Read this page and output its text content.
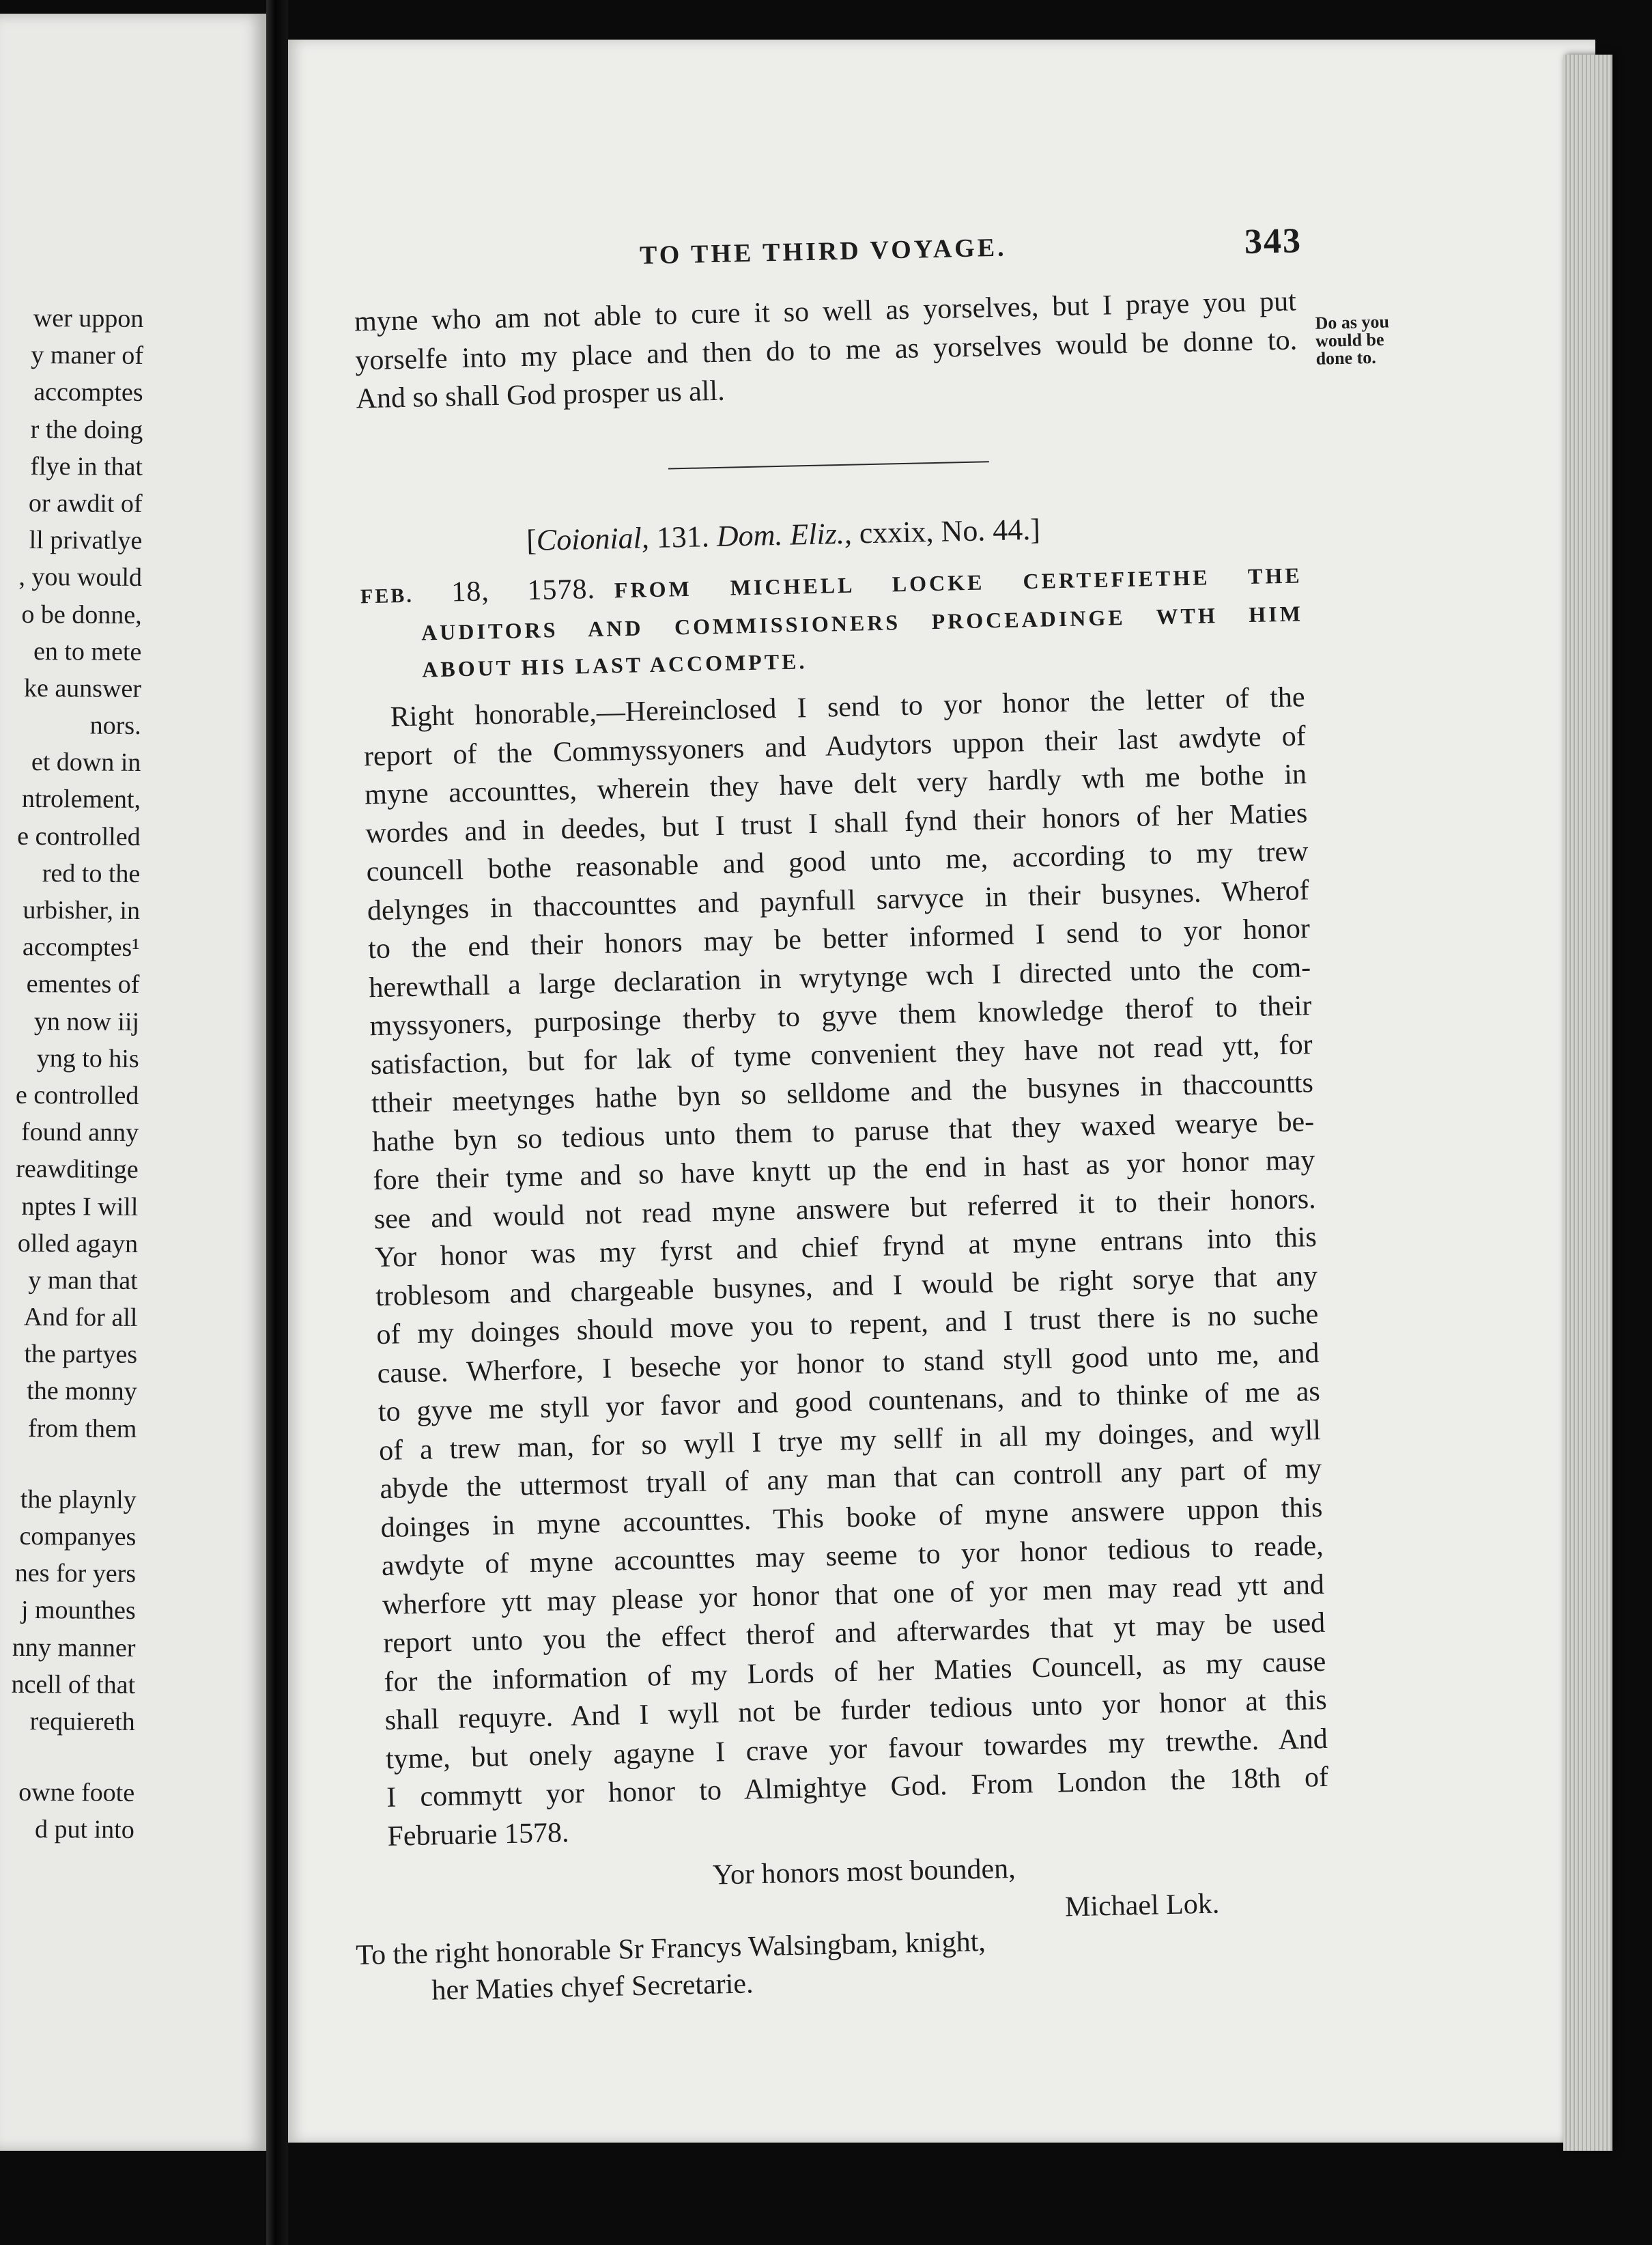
wer uppon
y maner of
accomptes
r the doing
flye in that
or awdit of
ll privatlye
, you would
o be donne,
en to mete
ke aunswer
nors.
et down in
ntrolement,
e controlled
red to the
urbisher, in
accomptes¹
ementes of
yn now iij
yng to his
e controlled
found anny
reawditinge
nptes I will
olled agayn
y man that
And for all
the partyes
the monny
from them
the playnly
companyes
nes for yers
j mounthes
nny manner
ncell of that
requiereth
owne foote
d put into
TO THE THIRD VOYAGE.	343
myne who am not able to cure it so well as yorselves, but I praye you put
yorselfe into my place and then do to me as yorselves would be donne to.
And so shall God prosper us all.
Do as you
would be
done to.
[Coionial, 131. Dom. Eliz., cxxix, No. 44.]
FEB. 18, 1578. FROM MICHELL LOCKE CERTEFIETHE THE
AUDITORS AND COMMISSIONERS PROCEADINGE WTH HIM
ABOUT HIS LAST ACCOMPTE.
Right honorable,—Hereinclosed I send to yor honor the letter of the
report of the Commyssyoners and Audytors uppon their last awdyte of
myne accounttes, wherein they have delt very hardly wth me bothe in
wordes and in deedes, but I trust I shall fynd their honors of her Maties
councell bothe reasonable and good unto me, according to my trew
delynges in thaccounttes and paynfull sarvyce in their busynes. Wherof
to the end their honors may be better informed I send to yor honor
herewthall a large declaration in wrytynge wch I directed unto the com-
myssyoners, purposinge therby to gyve them knowledge therof to their
satisfaction, but for lak of tyme convenient they have not read ytt, for
ttheir meetynges hathe byn so selldome and the busynes in thaccountts
hathe byn so tedious unto them to paruse that they waxed wearye be-
fore their tyme and so have knytt up the end in hast as yor honor may
see and would not read myne answere but referred it to their honors.
Yor honor was my fyrst and chief frynd at myne entrans into this
troblesom and chargeable busynes, and I would be right sorye that any
of my doinges should move you to repent, and I trust there is no suche
cause. Wherfore, I beseche yor honor to stand styll good unto me, and
to gyve me styll yor favor and good countenans, and to thinke of me as
of a trew man, for so wyll I trye my sellf in all my doinges, and wyll
abyde the uttermost tryall of any man that can controll any part of my
doinges in myne accounttes. This booke of myne answere uppon this
awdyte of myne accounttes may seeme to yor honor tedious to reade,
wherfore ytt may please yor honor that one of yor men may read ytt and
report unto you the effect therof and afterwardes that yt may be used
for the information of my Lords of her Maties Councell, as my cause
shall requyre. And I wyll not be furder tedious unto yor honor at this
tyme, but onely agayne I crave yor favour towardes my trewthe. And
I commytt yor honor to Almightye God. From London the 18th of
Februarie 1578.
Yor honors most bounden,
Michael Lok.
To the right honorable Sr Francys Walsingbam, knight,
her Maties chyef Secretarie.
